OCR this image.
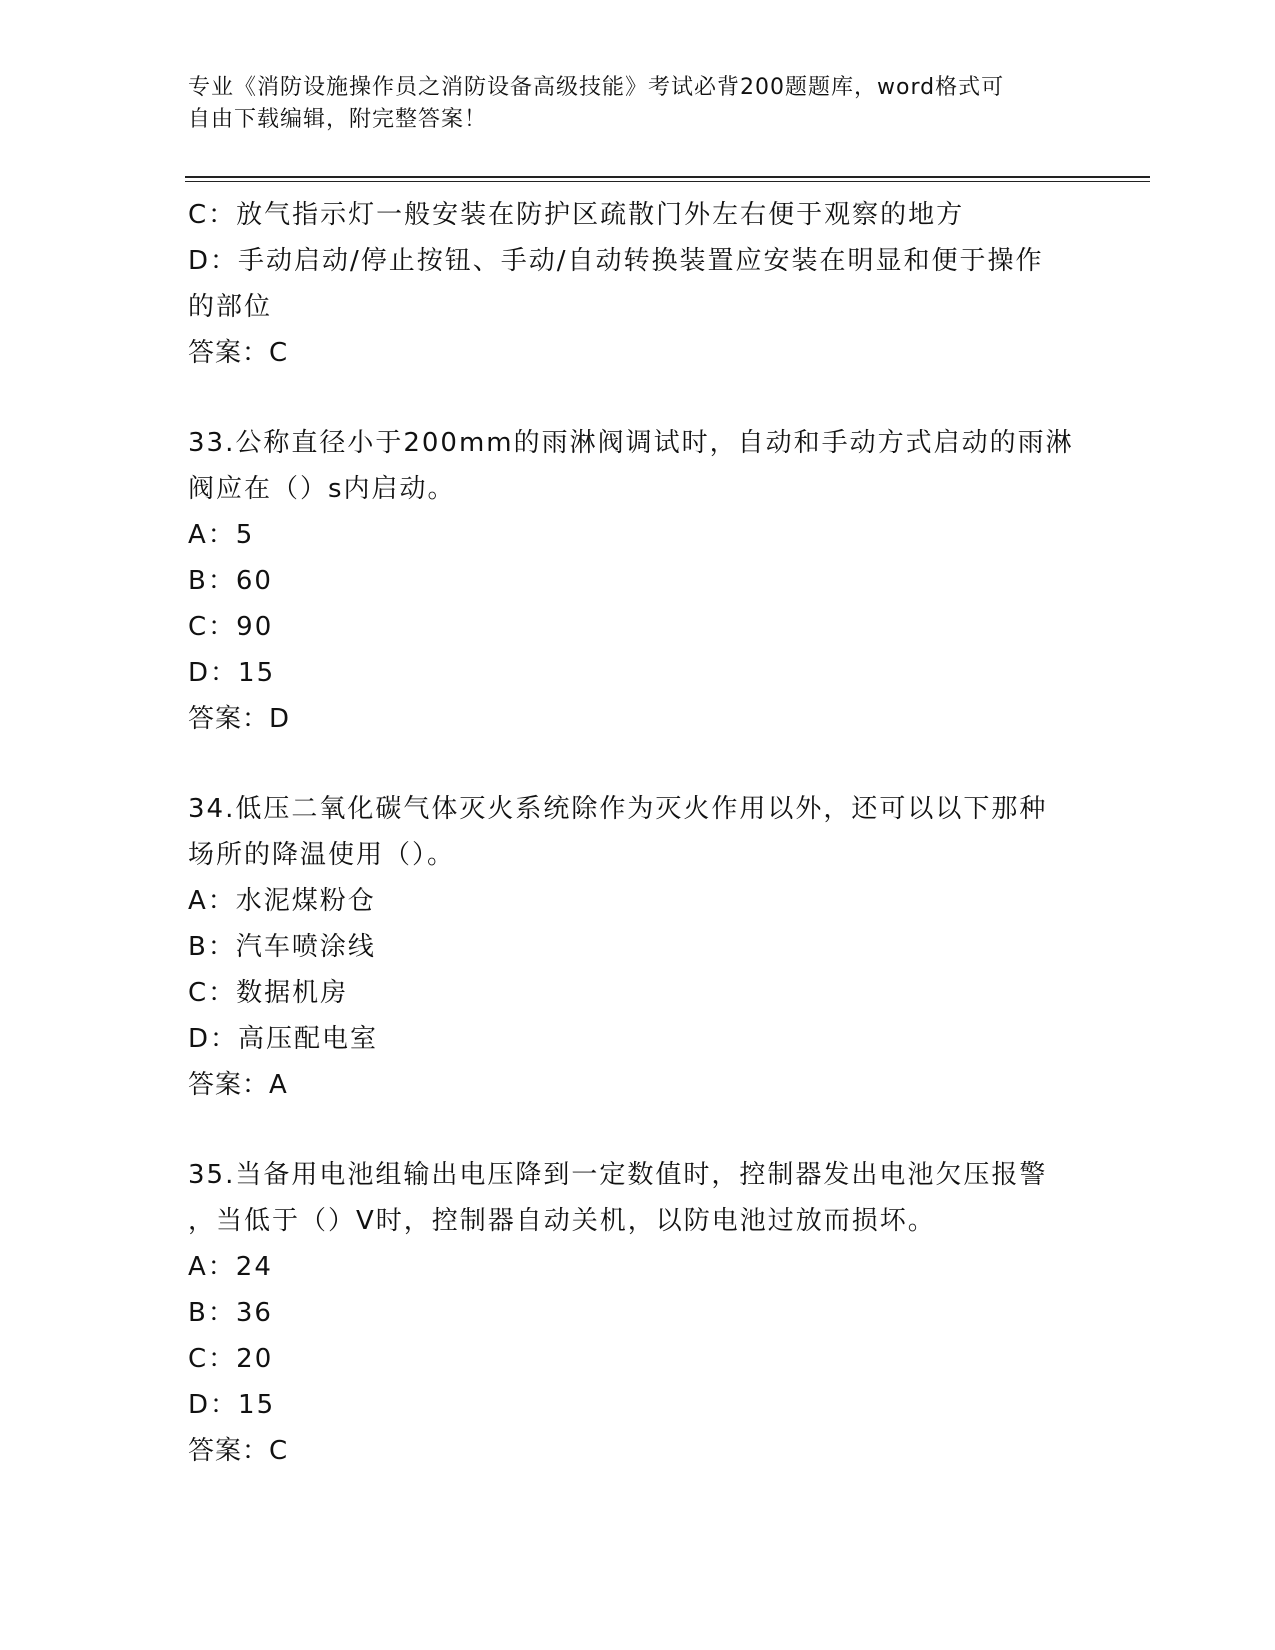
专业《消防设施操作员之消防设备高级技能》考试必背200题题库，word格式可
自由下载编辑，附完整答案！
C：放气指示灯一般安装在防护区疏散门外左右便于观察的地方
D：手动启动/停止按钮、手动/自动转换装置应安装在明显和便于操作
的部位
答案：C
33.公称直径小于200mm的雨淋阀调试时，自动和手动方式启动的雨淋
阀应在（）s内启动。
A：5
B：60
C：90
D：15
答案：D
34.低压二氧化碳气体灭火系统除作为灭火作用以外，还可以以下那种
场所的降温使用（）。
A：水泥煤粉仓
B：汽车喷涂线
C：数据机房
D：高压配电室
答案：A
35.当备用电池组输出电压降到一定数值时，控制器发出电池欠压报警
，当低于（）V时，控制器自动关机，以防电池过放而损坏。
A：24
B：36
C：20
D：15
答案：C
